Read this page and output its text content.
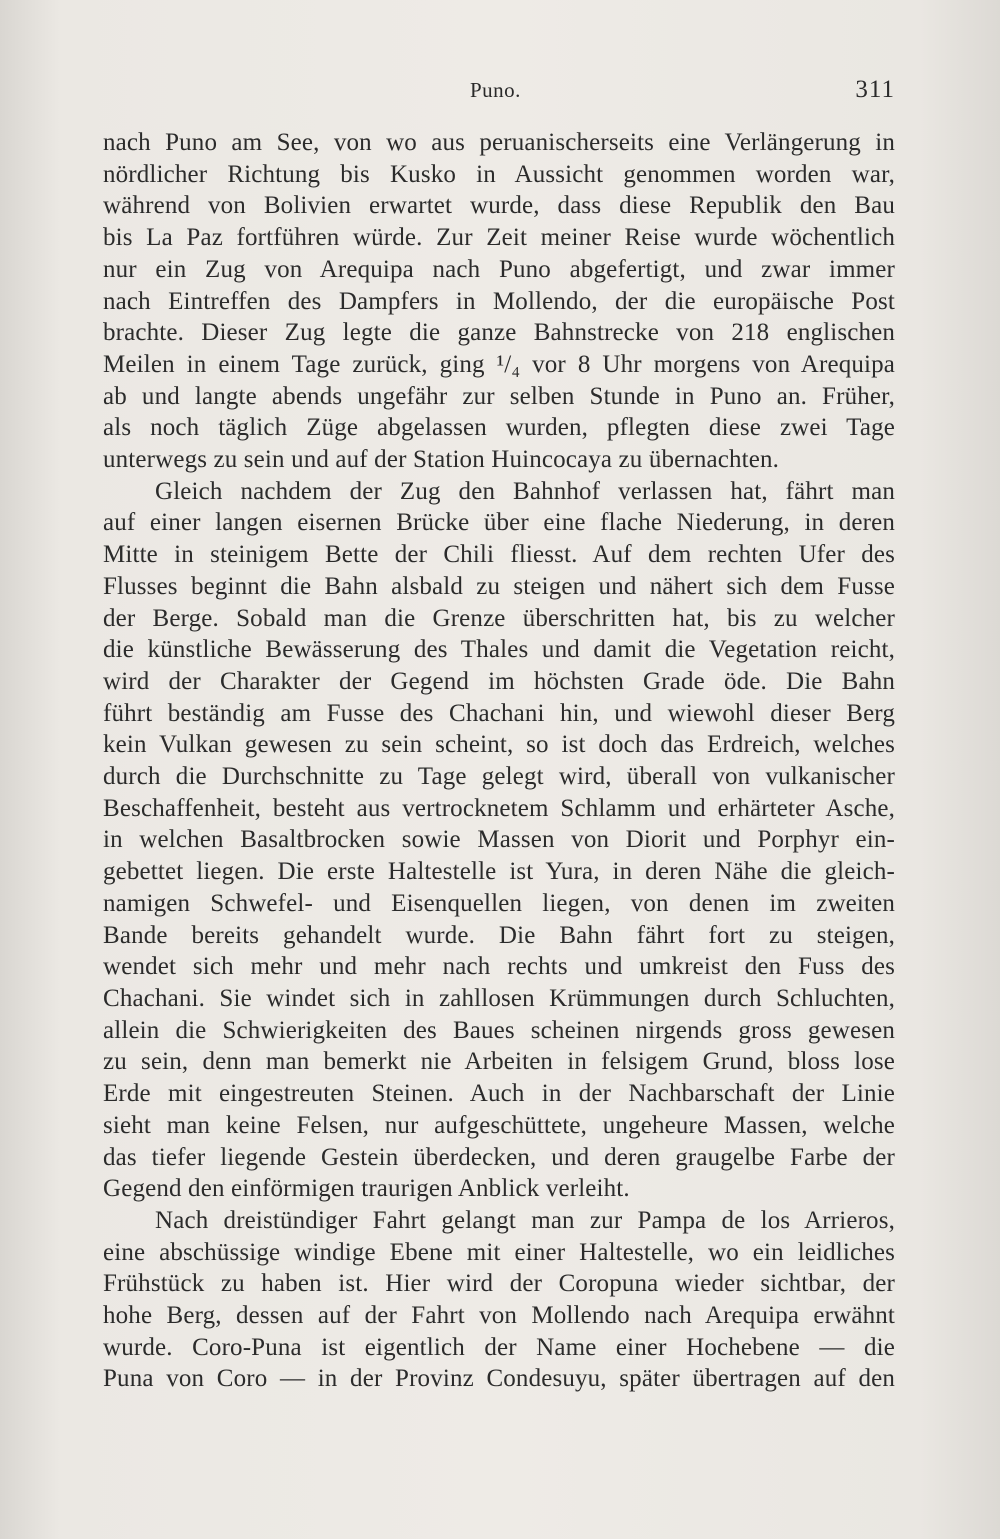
Puno.	311
nach Puno am See, von wo aus peruanischerseits eine Verlängerung in
nördlicher Richtung bis Kusko in Aussicht genommen worden war,
während von Bolivien erwartet wurde, dass diese Republik den Bau
bis La Paz fortführen würde. Zur Zeit meiner Reise wurde wöchentlich
nur ein Zug von Arequipa nach Puno abgefertigt, und zwar immer
nach Eintreffen des Dampfers in Mollendo, der die europäische Post
brachte. Dieser Zug legte die ganze Bahnstrecke von 218 englischen
Meilen in einem Tage zurück, ging ¹/₄ vor 8 Uhr morgens von Arequipa
ab und langte abends ungefähr zur selben Stunde in Puno an. Früher,
als noch täglich Züge abgelassen wurden, pflegten diese zwei Tage
unterwegs zu sein und auf der Station Huincocaya zu übernachten.
Gleich nachdem der Zug den Bahnhof verlassen hat, fährt man
auf einer langen eisernen Brücke über eine flache Niederung, in deren
Mitte in steinigem Bette der Chili fliesst. Auf dem rechten Ufer des
Flusses beginnt die Bahn alsbald zu steigen und nähert sich dem Fusse
der Berge. Sobald man die Grenze überschritten hat, bis zu welcher
die künstliche Bewässerung des Thales und damit die Vegetation reicht,
wird der Charakter der Gegend im höchsten Grade öde. Die Bahn
führt beständig am Fusse des Chachani hin, und wiewohl dieser Berg
kein Vulkan gewesen zu sein scheint, so ist doch das Erdreich, welches
durch die Durchschnitte zu Tage gelegt wird, überall von vulkanischer
Beschaffenheit, besteht aus vertrocknetem Schlamm und erhärteter Asche,
in welchen Basaltbrocken sowie Massen von Diorit und Porphyr ein-
gebettet liegen. Die erste Haltestelle ist Yura, in deren Nähe die gleich-
namigen Schwefel- und Eisenquellen liegen, von denen im zweiten
Bande bereits gehandelt wurde. Die Bahn fährt fort zu steigen,
wendet sich mehr und mehr nach rechts und umkreist den Fuss des
Chachani. Sie windet sich in zahllosen Krümmungen durch Schluchten,
allein die Schwierigkeiten des Baues scheinen nirgends gross gewesen
zu sein, denn man bemerkt nie Arbeiten in felsigem Grund, bloss lose
Erde mit eingestreuten Steinen. Auch in der Nachbarschaft der Linie
sieht man keine Felsen, nur aufgeschüttete, ungeheure Massen, welche
das tiefer liegende Gestein überdecken, und deren graugelbe Farbe der
Gegend den einförmigen traurigen Anblick verleiht.
Nach dreistündiger Fahrt gelangt man zur Pampa de los Arrieros,
eine abschüssige windige Ebene mit einer Haltestelle, wo ein leidliches
Frühstück zu haben ist. Hier wird der Coropuna wieder sichtbar, der
hohe Berg, dessen auf der Fahrt von Mollendo nach Arequipa erwähnt
wurde. Coro-Puna ist eigentlich der Name einer Hochebene — die
Puna von Coro — in der Provinz Condesuyu, später übertragen auf den
